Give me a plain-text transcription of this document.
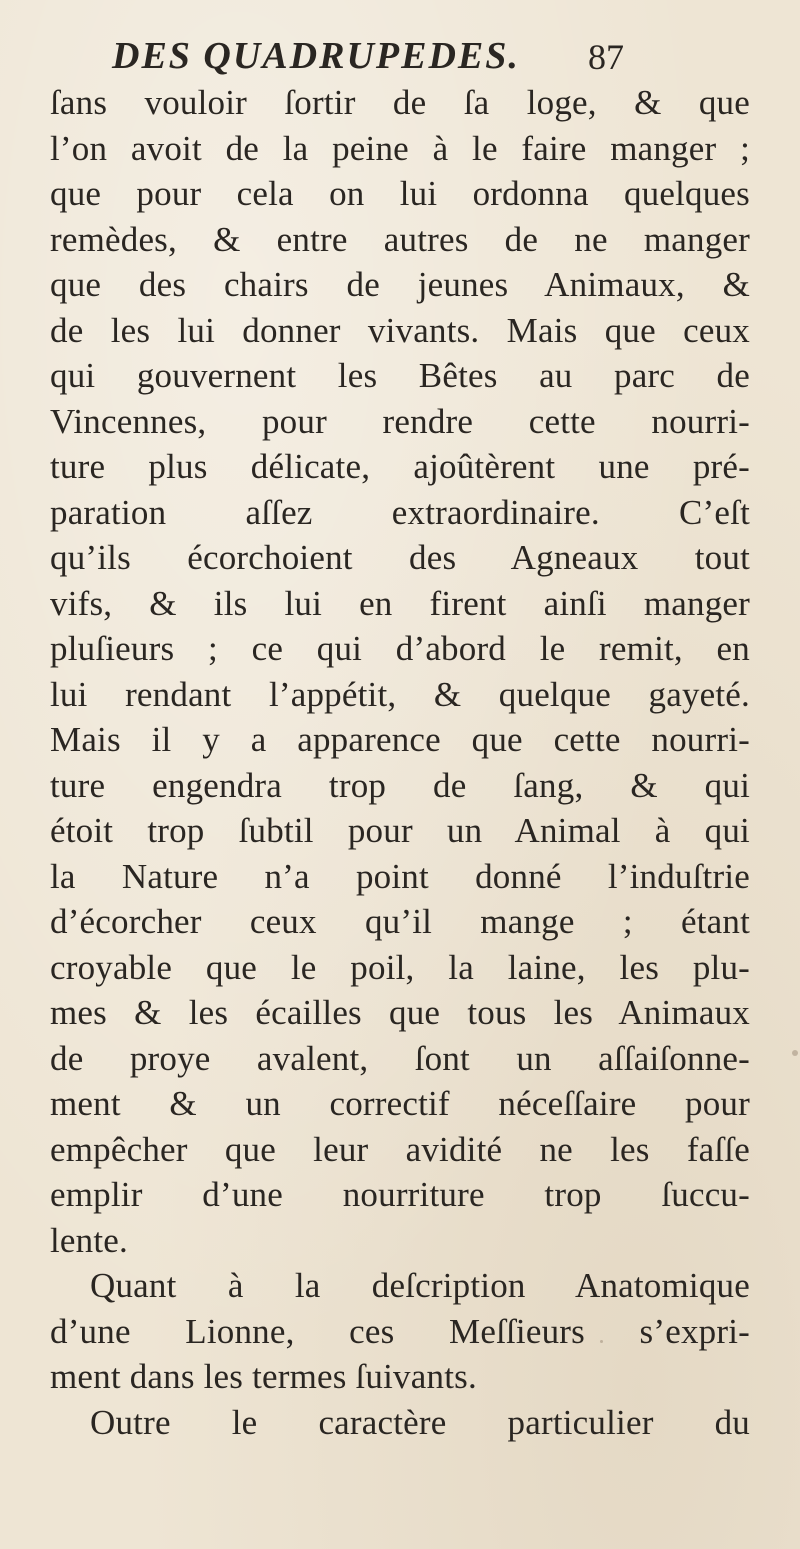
DES QUADRUPEDES. 87
ſans vouloir ſortir de ſa loge, & que
l’on avoit de la peine à le faire manger ;
que pour cela on lui ordonna quelques
remèdes, & entre autres de ne manger
que des chairs de jeunes Animaux, &
de les lui donner vivants. Mais que ceux
qui gouvernent les Bêtes au parc de
Vincennes, pour rendre cette nourri-
ture plus délicate, ajoûtèrent une pré-
paration aſſez extraordinaire. C’eſt
qu’ils écorchoient des Agneaux tout
vifs, & ils lui en firent ainſi manger
pluſieurs ; ce qui d’abord le remit, en
lui rendant l’appétit, & quelque gayeté.
Mais il y a apparence que cette nourri-
ture engendra trop de ſang, & qui
étoit trop ſubtil pour un Animal à qui
la Nature n’a point donné l’induſtrie
d’écorcher ceux qu’il mange ; étant
croyable que le poil, la laine, les plu-
mes & les écailles que tous les Animaux
de proye avalent, ſont un aſſaiſonne-
ment & un correctif néceſſaire pour
empêcher que leur avidité ne les faſſe
emplir d’une nourriture trop ſuccu-
lente.
Quant à la deſcription Anatomique
d’une Lionne, ces Meſſieurs s’expri-
ment dans les termes ſuivants.
Outre le caractère particulier du
